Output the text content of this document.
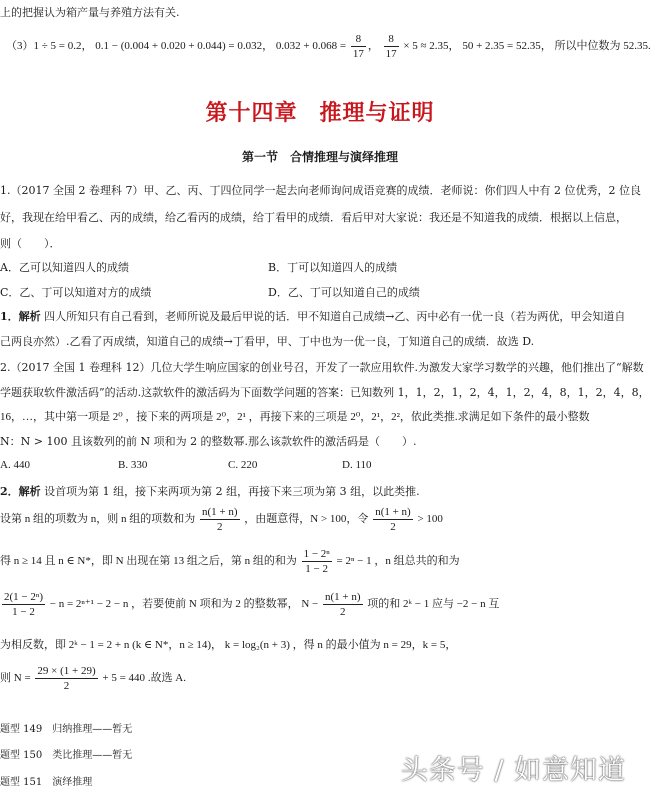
上的把握认为箱产量与养殖方法有关.
（3）1 ÷ 5 = 0.2， 0.1 − (0.004 + 0.020 + 0.044) = 0.032， $0.032 + 0.068 = \frac{8}{17}$ ， $\frac{8}{17} \times 5 \approx 2.35$， 50 + 2.35 = 52.35， 所以中位数为 52.35.
第十四章 推理与证明
第一节　合情推理与演绎推理
1.（2017 全国 2 卷理科 7）甲、乙、丙、丁四位同学一起去向老师询问成语竞赛的成绩．老师说：你们四人中有 2 位优秀，2 位良
好，我现在给甲看乙、丙的成绩，给乙看丙的成绩，给丁看甲的成绩．看后甲对大家说：我还是不知道我的成绩．根据以上信息，
则（　　）．
A．乙可以知道四人的成绩	B．丁可以知道四人的成绩
C．乙、丁可以知道对方的成绩	D．乙、丁可以知道自己的成绩
1．解析 四人所知只有自己看到，老师所说及最后甲说的话．甲不知道自己成绩→乙、丙中必有一优一良（若为两优，甲会知道自
己两良亦然）.乙看了丙成绩，知道自己的成绩→丁看甲，甲、丁中也为一优一良，丁知道自己的成绩．故选 D.
2.（2017 全国 1 卷理科 12）几位大学生响应国家的创业号召，开发了一款应用软件.为激发大家学习数学的兴趣，他们推出了“解数
学题获取软件激活码”的活动.这款软件的激活码为下面数学问题的答案：已知数列 1，1，2，1，2，4，1，2，4，8，1，2，4，8，
16，…，其中第一项是 2⁰ ，接下来的两项是 2⁰，2¹ ，再接下来的三项是 2⁰，2¹，2²，依此类推.求满足如下条件的最小整数
N：N > 100 且该数列的前 N 项和为 2 的整数幂.那么该款软件的激活码是（　　）.
A. 440	B. 330	C. 220	D. 110
2．解析 设首项为第 1 组，接下来两项为第 2 组，再接下来三项为第 3 组，以此类推.
设第 n 组的项数为 n，则 n 组的项数和为 $\frac{n(1 + n)}{2}$ ，由题意得，N > 100，令 $\frac{n(1 + n)}{2} > 100$
得 n ≥ 14 且 n ∈ N*，即 N 出现在第 13 组之后，第 n 组的和为 $\frac{\text{1 − 2ⁿ}}{1 - 2} = 2^n - 1$ ，n 组总共的和为
$\frac{\text{2(1 − 2ⁿ)}}{1 - 2} - n = 2^{n+1} - 2 - n$ ，若要使前 N 项和为 2 的整数幂， $N - \frac{n(1 + n)}{2}$ 项的和 2ᵏ − 1 应与 −2 − n 互
为相反数，即 2ᵏ − 1 = 2 + n (k ∈ N*，n ≥ 14)， k = log₂(n + 3) ，得 n 的最小值为 n = 29，k = 5，
则 $N = \frac{29 \times (1 + 29)}{2} + 5 = 440$ .故选 A.
题型 149　归纳推理——暂无
题型 150　类比推理——暂无
题型 151　演绎推理	头条号 / 如意知道
